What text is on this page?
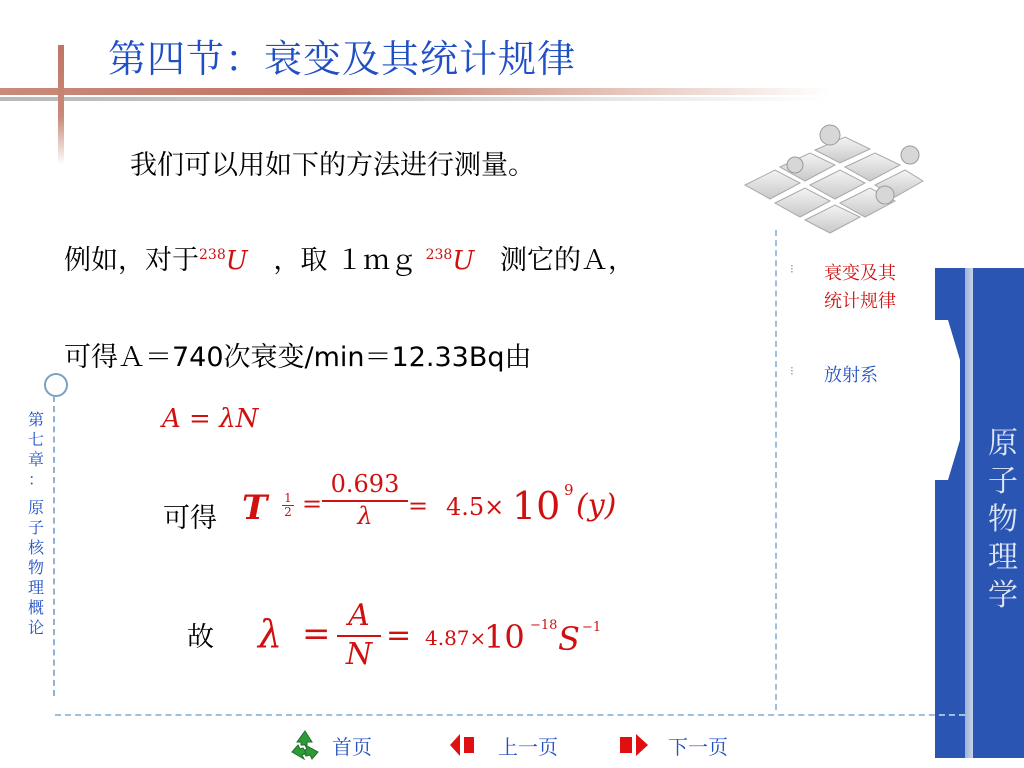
第四节：衰变及其统计规律
我们可以用如下的方法进行测量。
例如，对于$^{238}$U ，取 １ｍｇ $^{238}$U 测它的Ａ，
可得Ａ＝740次衰变/min＝12.33Bq由
A = λN
可得 T $\frac{1}{2} = \frac{0.693}{\lambda} = 4.5\times 10$ 9 (y)
故 $\lambda = \frac{A}{N} = 4.87\times$
10 −18 S −1
第
七
章
：
原
子
核
物
理
概
论
⁝ 衰变及其
统计规律
⁝ 放射系
原
子
物
理
学
首页	上一页	下一页
